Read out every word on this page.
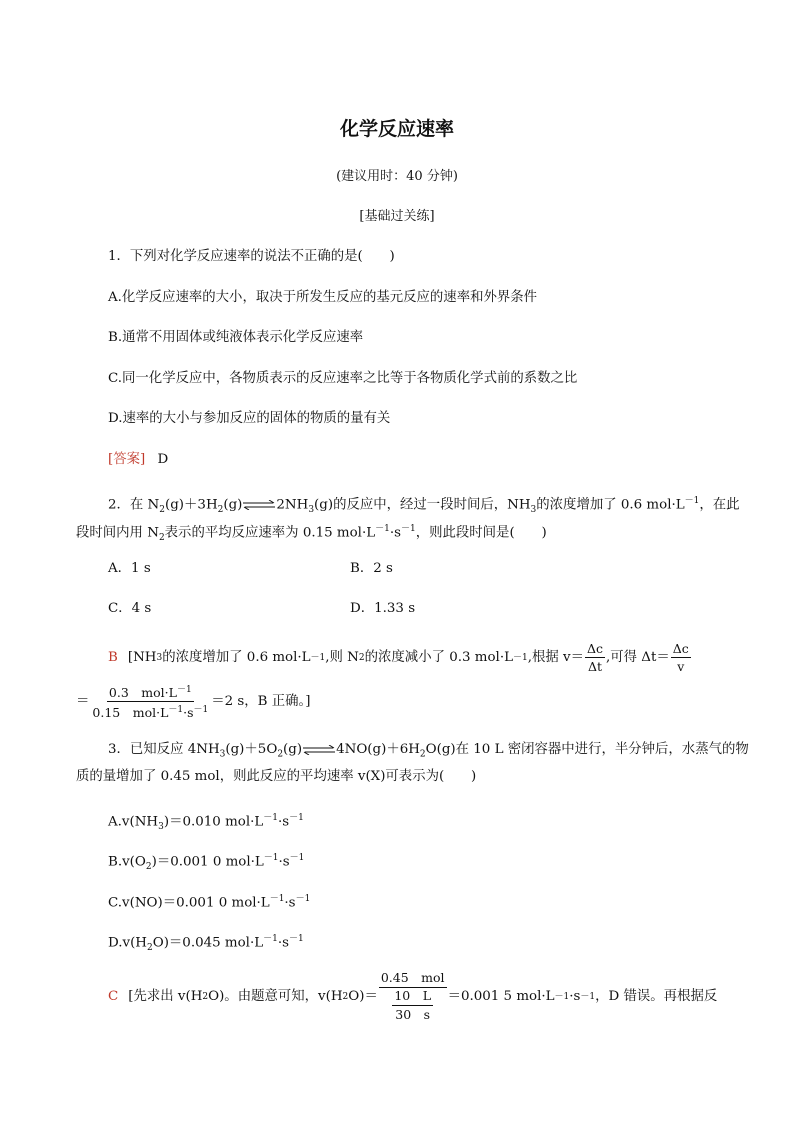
化学反应速率
(建议用时：40 分钟)
[基础过关练]
1．下列对化学反应速率的说法不正确的是(　　)
A.化学反应速率的大小，取决于所发生反应的基元反应的速率和外界条件
B.通常不用固体或纯液体表示化学反应速率
C.同一化学反应中，各物质表示的反应速率之比等于各物质化学式前的系数之比
D.速率的大小与参加反应的固体的物质的量有关
[答案] D
2．在 $N_2(g)+3H_2(g)\rightleftharpoons 2NH_3(g)$的反应中，经过一段时间后，$NH_3$的浓度增加了 0.6 $mol\cdot L^{-1}$，在此
段时间内用 $N_2$表示的平均反应速率为 0.15 $mol\cdot L^{-1}\cdot s^{-1}$，则此段时间是(　　)
A．1 s	B．2 s
C．4 s	D．1.33 s
B [NH 3 的浓度增加了 0.6 mol·L －1 ,则 N 2 的浓度减小了 0.3 mol·L －1 ,根据 $v= \frac{\Delta c}{\Delta t}$ ,可得 $\Delta t= \frac{\Delta c}{v}$
＝ $\frac{0.3 mol\cdot L^{-1}}{0.15 mol\cdot L^{-1}\cdot s^{-1}} =2$ s，B 正确。]
3．已知反应 $4NH_3(g)+5O_2(g)\rightleftharpoons 4NO(g)+6H_2O(g)$在 10 L 密闭容器中进行，半分钟后，水蒸气的物
质的量增加了 0.45 mol，则此反应的平均速率 v(X)可表示为(　　)
$A.v(NH_3)=0.010$ $mol\cdot L^{-1}\cdot s^{-1}$
$B.v(O_2)=0.001$ 0 $mol\cdot L^{-1}\cdot s^{-1}$
C.v(NO)＝0.001 0 $mol\cdot L^{-1}\cdot s^{-1}$
$D.v(H_2O)=0.045$ $mol\cdot L^{-1}\cdot s^{-1}$
C [先求出 v(H 2 O)。由题意可知，v(H 2 O)＝
0.45　mol
10　L
30　s
＝0.001 5 mol·L －1 ·s －1 ，D 错误。再根据反
